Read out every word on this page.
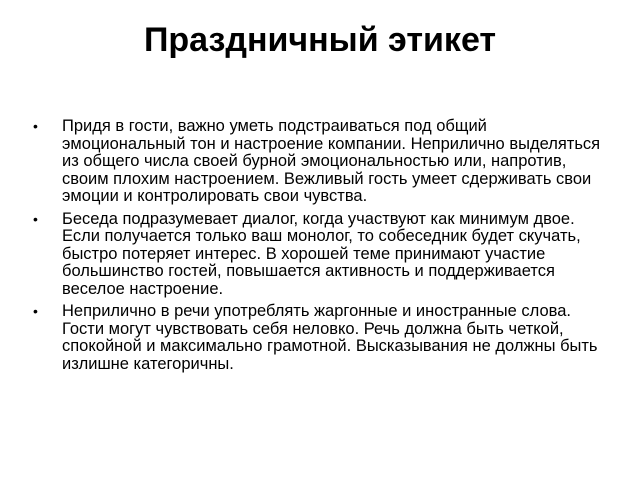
Праздничный этикет
• Придя в гости, важно уметь подстраиваться под общий эмоциональный тон и настроение компании. Неприлично выделяться из общего числа своей бурной эмоциональностью или, напротив, своим плохим настроением. Вежливый гость умеет сдерживать свои эмоции и контролировать свои чувства.
• Беседа подразумевает диалог, когда участвуют как минимум двое. Если получается только ваш монолог, то собеседник будет скучать, быстро потеряет интерес. В хорошей теме принимают участие большинство гостей, повышается активность и поддерживается веселое настроение.
• Неприлично в речи употреблять жаргонные и иностранные слова. Гости могут чувствовать себя неловко. Речь должна быть четкой, спокойной и максимально грамотной. Высказывания не должны быть излишне категоричны.
